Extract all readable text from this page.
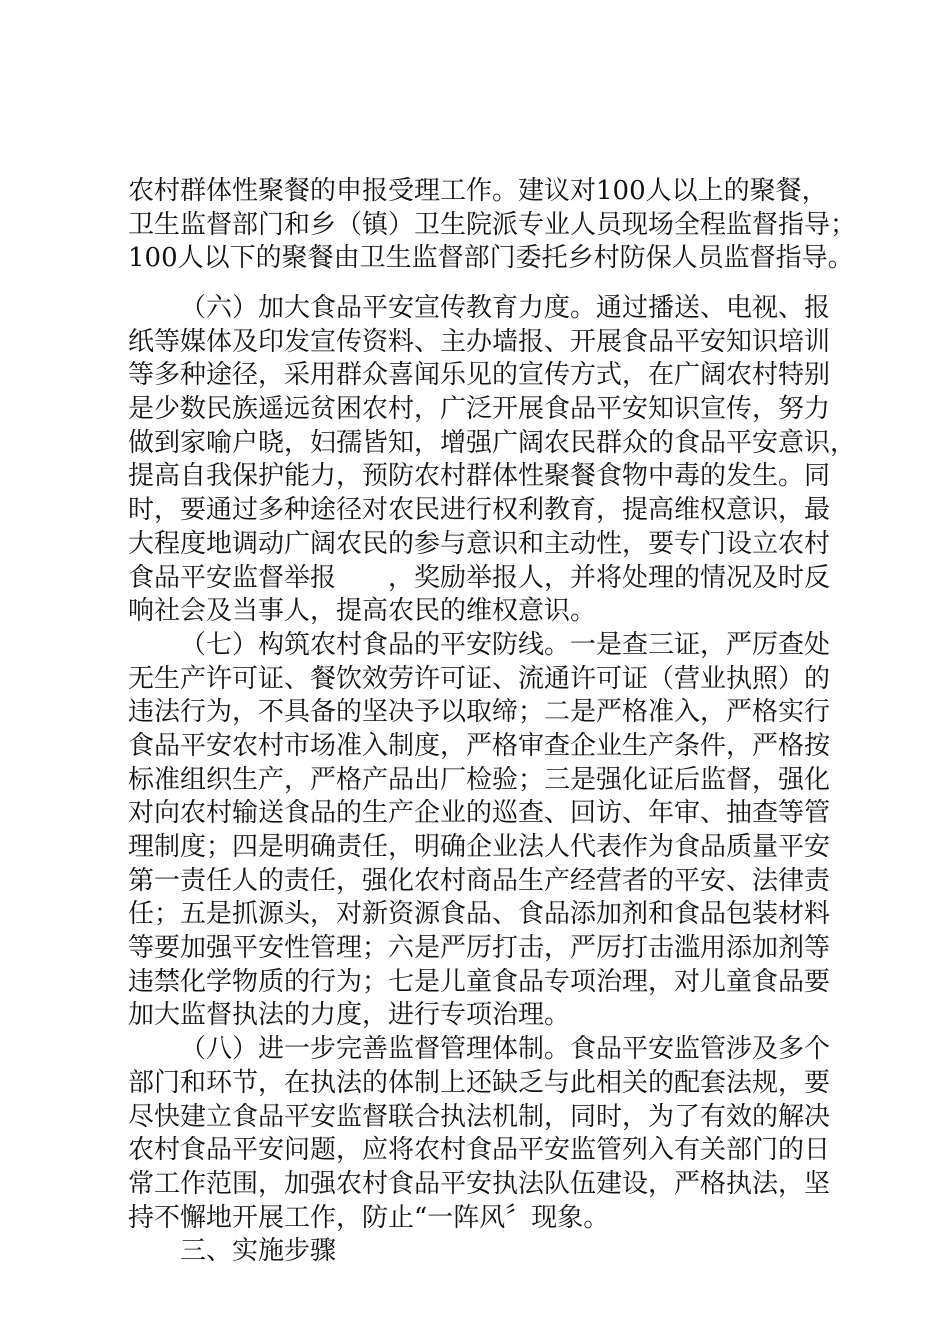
农村群体性聚餐的申报受理工作。建议对100人以上的聚餐，
卫生监督部门和乡（镇）卫生院派专业人员现场全程监督指导；
100人以下的聚餐由卫生监督部门委托乡村防保人员监督指导。
（六）加大食品平安宣传教育力度。通过播送、电视、报
纸等媒体及印发宣传资料、主办墙报、开展食品平安知识培训
等多种途径，采用群众喜闻乐见的宣传方式，在广阔农村特别
是少数民族遥远贫困农村，广泛开展食品平安知识宣传，努力
做到家喻户晓，妇孺皆知，增强广阔农民群众的食品平安意识，
提高自我保护能力，预防农村群体性聚餐食物中毒的发生。同
时，要通过多种途径对农民进行权利教育，提高维权意识，最
大程度地调动广阔农民的参与意识和主动性，要专门设立农村
食品平安监督举报　　，奖励举报人，并将处理的情况及时反
响社会及当事人，提高农民的维权意识。
（七）构筑农村食品的平安防线。一是查三证，严厉查处
无生产许可证、餐饮效劳许可证、流通许可证（营业执照）的
违法行为，不具备的坚决予以取缔；二是严格准入，严格实行
食品平安农村市场准入制度，严格审查企业生产条件，严格按
标准组织生产，严格产品出厂检验；三是强化证后监督，强化
对向农村输送食品的生产企业的巡查、回访、年审、抽查等管
理制度；四是明确责任，明确企业法人代表作为食品质量平安
第一责任人的责任，强化农村商品生产经营者的平安、法律责
任；五是抓源头，对新资源食品、食品添加剂和食品包装材料
等要加强平安性管理；六是严厉打击，严厉打击滥用添加剂等
违禁化学物质的行为；七是儿童食品专项治理，对儿童食品要
加大监督执法的力度，进行专项治理。
（八）进一步完善监督管理体制。食品平安监管涉及多个
部门和环节，在执法的体制上还缺乏与此相关的配套法规，要
尽快建立食品平安监督联合执法机制，同时，为了有效的解决
农村食品平安问题，应将农村食品平安监管列入有关部门的日
常工作范围，加强农村食品平安执法队伍建设，严格执法，坚
持不懈地开展工作，防止“一阵风〞现象。
三、实施步骤
